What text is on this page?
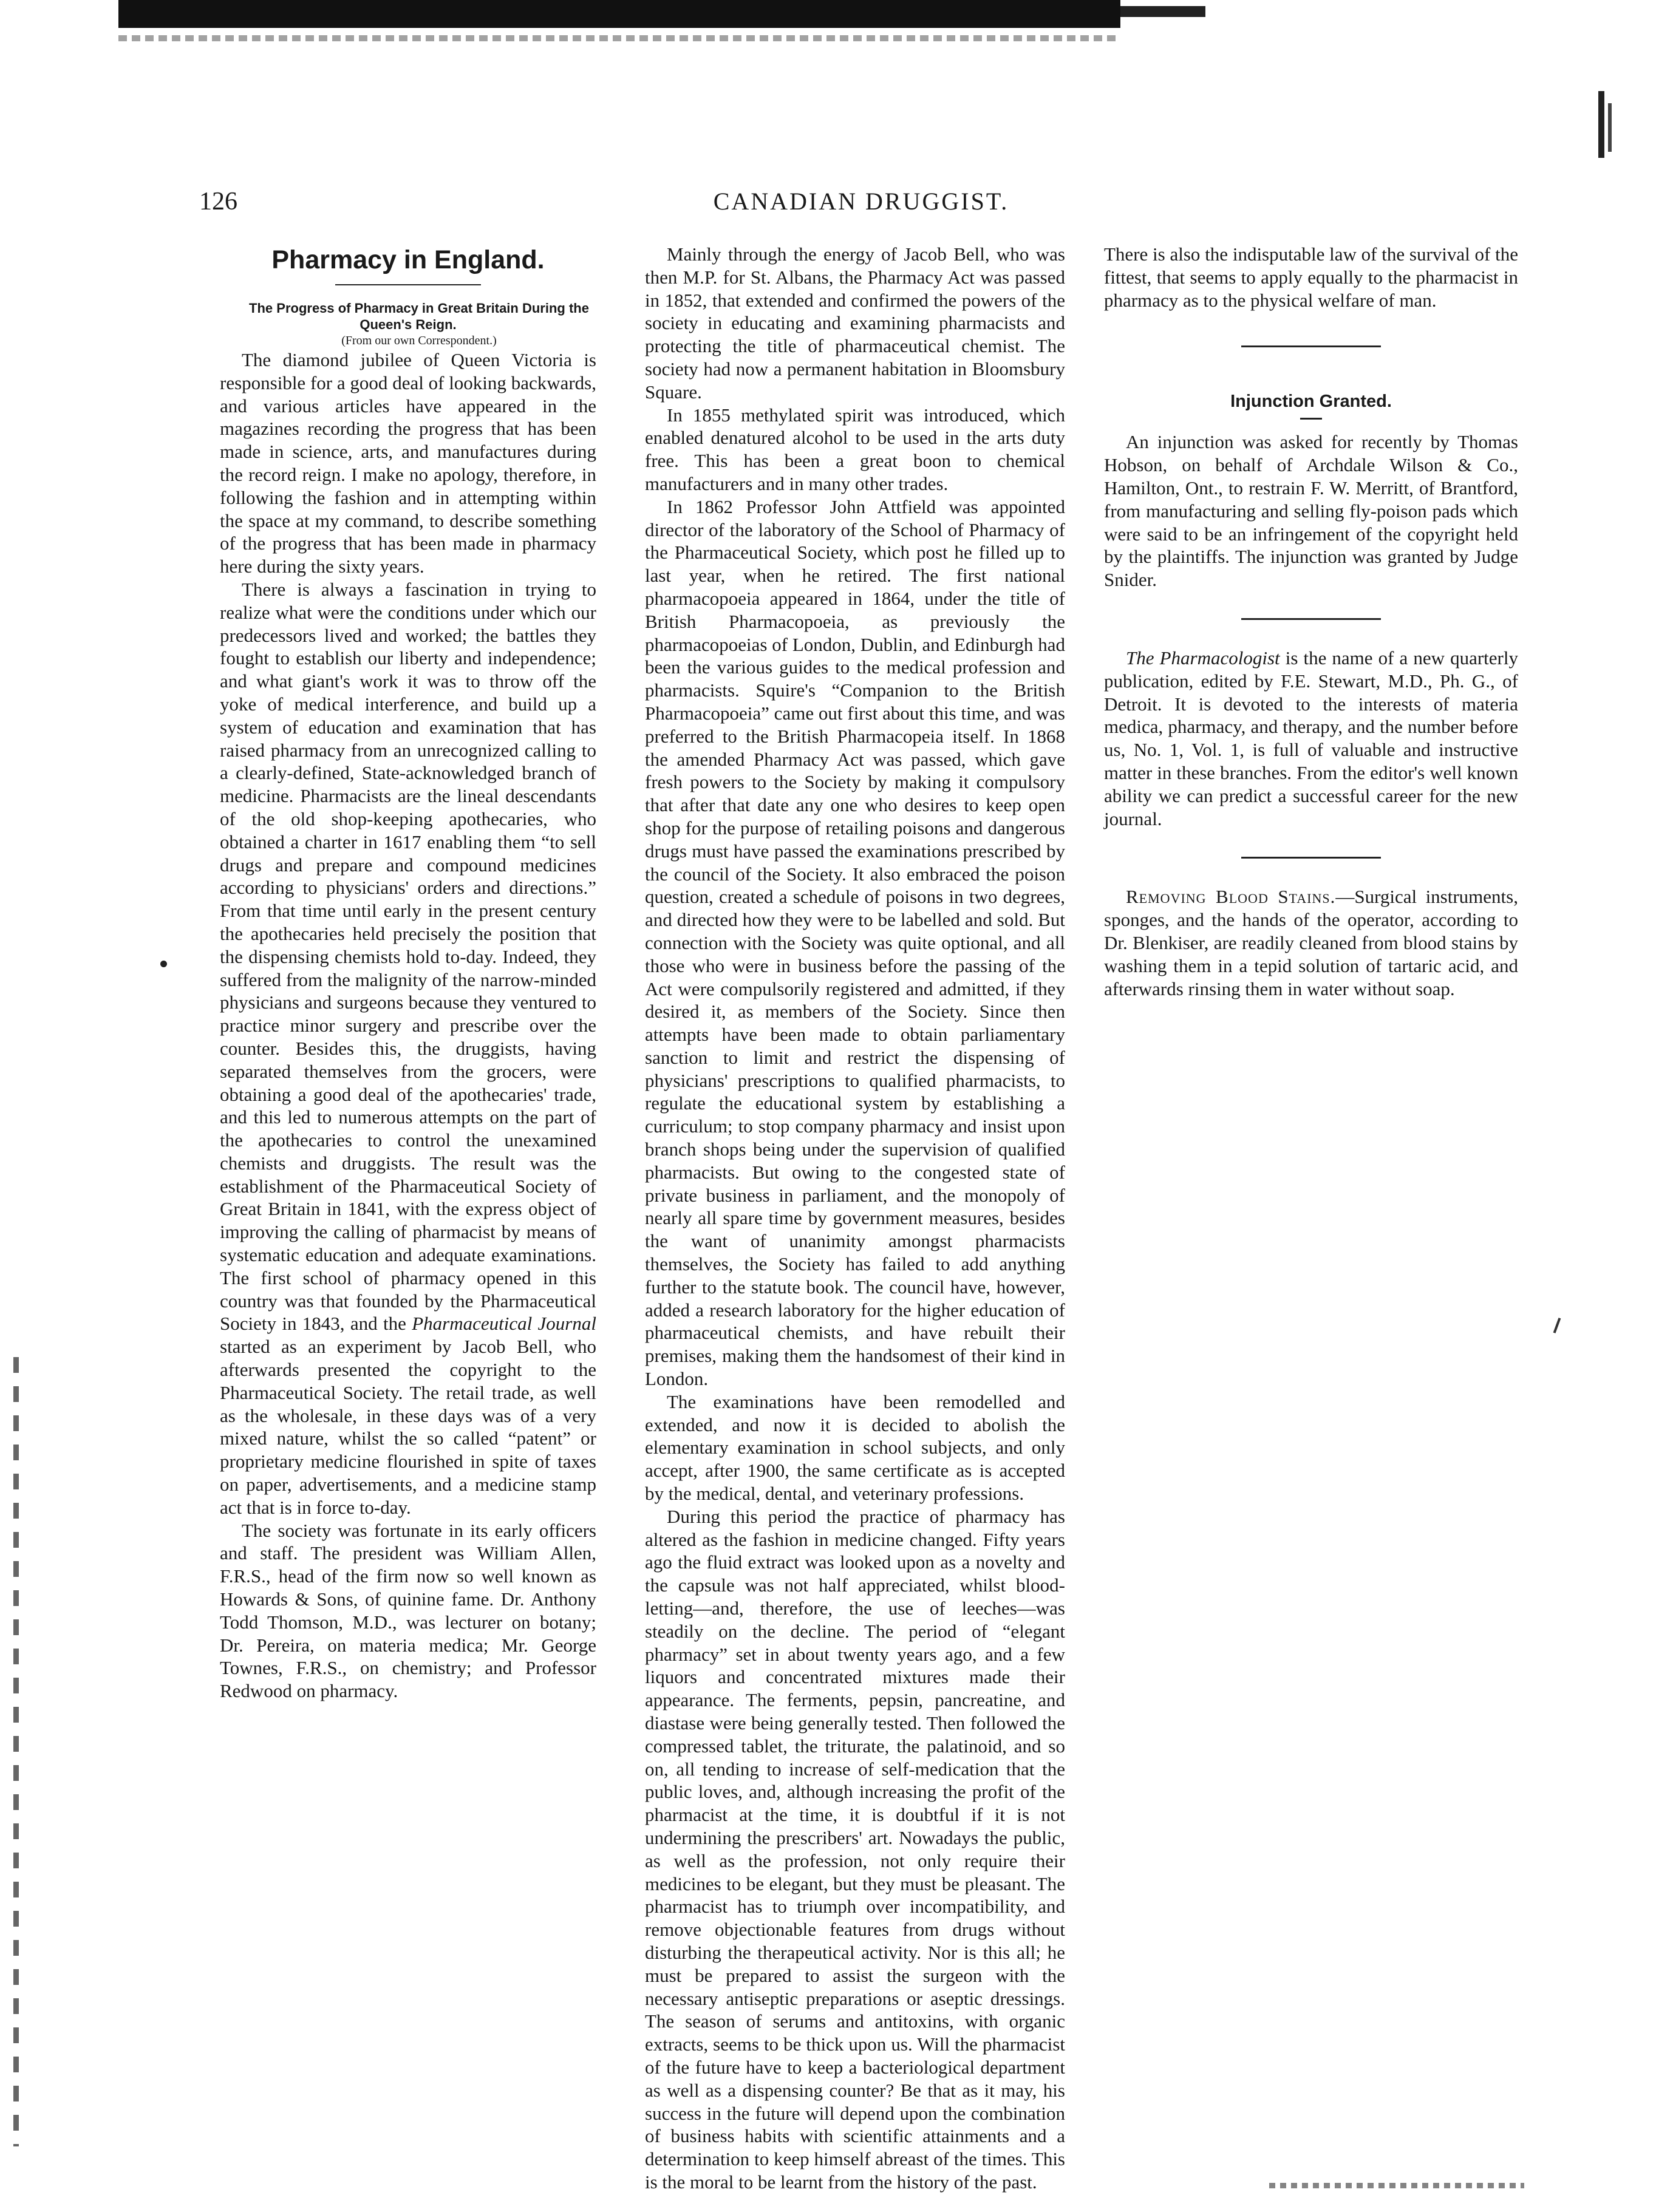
126	CANADIAN DRUGGIST.
Pharmacy in England.

The Progress of Pharmacy in Great Britain During the Queen's Reign.

(From our own Correspondent.)

The diamond jubilee of Queen Victoria is responsible for a good deal of looking backwards, and various articles have appeared in the magazines recording the progress that has been made in science, arts, and manufactures during the record reign. I make no apology, therefore, in following the fashion and in attempting within the space at my command, to describe something of the progress that has been made in pharmacy here during the sixty years.

There is always a fascination in trying to realize what were the conditions under which our predecessors lived and worked; the battles they fought to establish our liberty and independence; and what giant's work it was to throw off the yoke of medical interference, and build up a system of education and examination that has raised pharmacy from an unrecognized calling to a clearly-defined, State-acknowledged branch of medicine. Pharmacists are the lineal descendants of the old shop-keeping apothecaries, who obtained a charter in 1617 enabling them “to sell drugs and prepare and compound medicines according to physicians' orders and directions.” From that time until early in the present century the apothecaries held precisely the position that the dispensing chemists hold to-day. Indeed, they suffered from the malignity of the narrow-minded physicians and surgeons because they ventured to practice minor surgery and prescribe over the counter. Besides this, the druggists, having separated themselves from the grocers, were obtaining a good deal of the apothecaries' trade, and this led to numerous attempts on the part of the apothecaries to control the unexamined chemists and druggists. The result was the establishment of the Pharmaceutical Society of Great Britain in 1841, with the express object of improving the calling of pharmacist by means of systematic education and adequate examinations. The first school of pharmacy opened in this country was that founded by the Pharmaceutical Society in 1843, and the Pharmaceutical Journal started as an experiment by Jacob Bell, who afterwards presented the copyright to the Pharmaceutical Society. The retail trade, as well as the wholesale, in these days was of a very mixed nature, whilst the so called “patent” or proprietary medicine flourished in spite of taxes on paper, advertisements, and a medicine stamp act that is in force to-day.

The society was fortunate in its early officers and staff. The president was William Allen, F.R.S., head of the firm now so well known as Howards & Sons, of quinine fame. Dr. Anthony Todd Thomson, M.D., was lecturer on botany; Dr. Pereira, on materia medica; Mr. George Townes, F.R.S., on chemistry; and Professor Redwood on pharmacy.

Mainly through the energy of Jacob Bell, who was then M.P. for St. Albans, the Pharmacy Act was passed in 1852, that extended and confirmed the powers of the society in educating and examining pharmacists and protecting the title of pharmaceutical chemist. The society had now a permanent habitation in Bloomsbury Square.

In 1855 methylated spirit was introduced, which enabled denatured alcohol to be used in the arts duty free. This has been a great boon to chemical manufacturers and in many other trades.

In 1862 Professor John Attfield was appointed director of the laboratory of the School of Pharmacy of the Pharmaceutical Society, which post he filled up to last year, when he retired. The first national pharmacopoeia appeared in 1864, under the title of British Pharmacopoeia, as previously the pharmacopoeias of London, Dublin, and Edinburgh had been the various guides to the medical profession and pharmacists. Squire's “Companion to the British Pharmacopoeia” came out first about this time, and was preferred to the British Pharmacopeia itself. In 1868 the amended Pharmacy Act was passed, which gave fresh powers to the Society by making it compulsory that after that date any one who desires to keep open shop for the purpose of retailing poisons and dangerous drugs must have passed the examinations prescribed by the council of the Society. It also embraced the poison question, created a schedule of poisons in two degrees, and directed how they were to be labelled and sold. But connection with the Society was quite optional, and all those who were in business before the passing of the Act were compulsorily registered and admitted, if they desired it, as members of the Society. Since then attempts have been made to obtain parliamentary sanction to limit and restrict the dispensing of physicians' prescriptions to qualified pharmacists, to regulate the educational system by establishing a curriculum; to stop company pharmacy and insist upon branch shops being under the supervision of qualified pharmacists. But owing to the congested state of private business in parliament, and the monopoly of nearly all spare time by government measures, besides the want of unanimity amongst pharmacists themselves, the Society has failed to add anything further to the statute book. The council have, however, added a research laboratory for the higher education of pharmaceutical chemists, and have rebuilt their premises, making them the handsomest of their kind in London.

The examinations have been remodelled and extended, and now it is decided to abolish the elementary examination in school subjects, and only accept, after 1900, the same certificate as is accepted by the medical, dental, and veterinary professions.

During this period the practice of pharmacy has altered as the fashion in medicine changed. Fifty years ago the fluid extract was looked upon as a novelty and the capsule was not half appreciated, whilst blood-letting—and, therefore, the use of leeches—was steadily on the decline. The period of “elegant pharmacy” set in about twenty years ago, and a few liquors and concentrated mixtures made their appearance. The ferments, pepsin, pancreatine, and diastase were being generally tested. Then followed the compressed tablet, the triturate, the palatinoid, and so on, all tending to increase of self-medication that the public loves, and, although increasing the profit of the pharmacist at the time, it is doubtful if it is not undermining the prescribers' art. Nowadays the public, as well as the profession, not only require their medicines to be elegant, but they must be pleasant. The pharmacist has to triumph over incompatibility, and remove objectionable features from drugs without disturbing the therapeutical activity. Nor is this all; he must be prepared to assist the surgeon with the necessary antiseptic preparations or aseptic dressings. The season of serums and antitoxins, with organic extracts, seems to be thick upon us. Will the pharmacist of the future have to keep a bacteriological department as well as a dispensing counter? Be that as it may, his success in the future will depend upon the combination of business habits with scientific attainments and a determination to keep himself abreast of the times. This is the moral to be learnt from the history of the past.

There is also the indisputable law of the survival of the fittest, that seems to apply equally to the pharmacist in pharmacy as to the physical welfare of man.

Injunction Granted.

An injunction was asked for recently by Thomas Hobson, on behalf of Archdale Wilson & Co., Hamilton, Ont., to restrain F. W. Merritt, of Brantford, from manufacturing and selling fly-poison pads which were said to be an infringement of the copyright held by the plaintiffs. The injunction was granted by Judge Snider.

The Pharmacologist is the name of a new quarterly publication, edited by F.E. Stewart, M.D., Ph. G., of Detroit. It is devoted to the interests of materia medica, pharmacy, and therapy, and the number before us, No. 1, Vol. 1, is full of valuable and instructive matter in these branches. From the editor's well known ability we can predict a successful career for the new journal.

Removing Blood Stains.—Surgical instruments, sponges, and the hands of the operator, according to Dr. Blenkiser, are readily cleaned from blood stains by washing them in a tepid solution of tartaric acid, and afterwards rinsing them in water without soap.
